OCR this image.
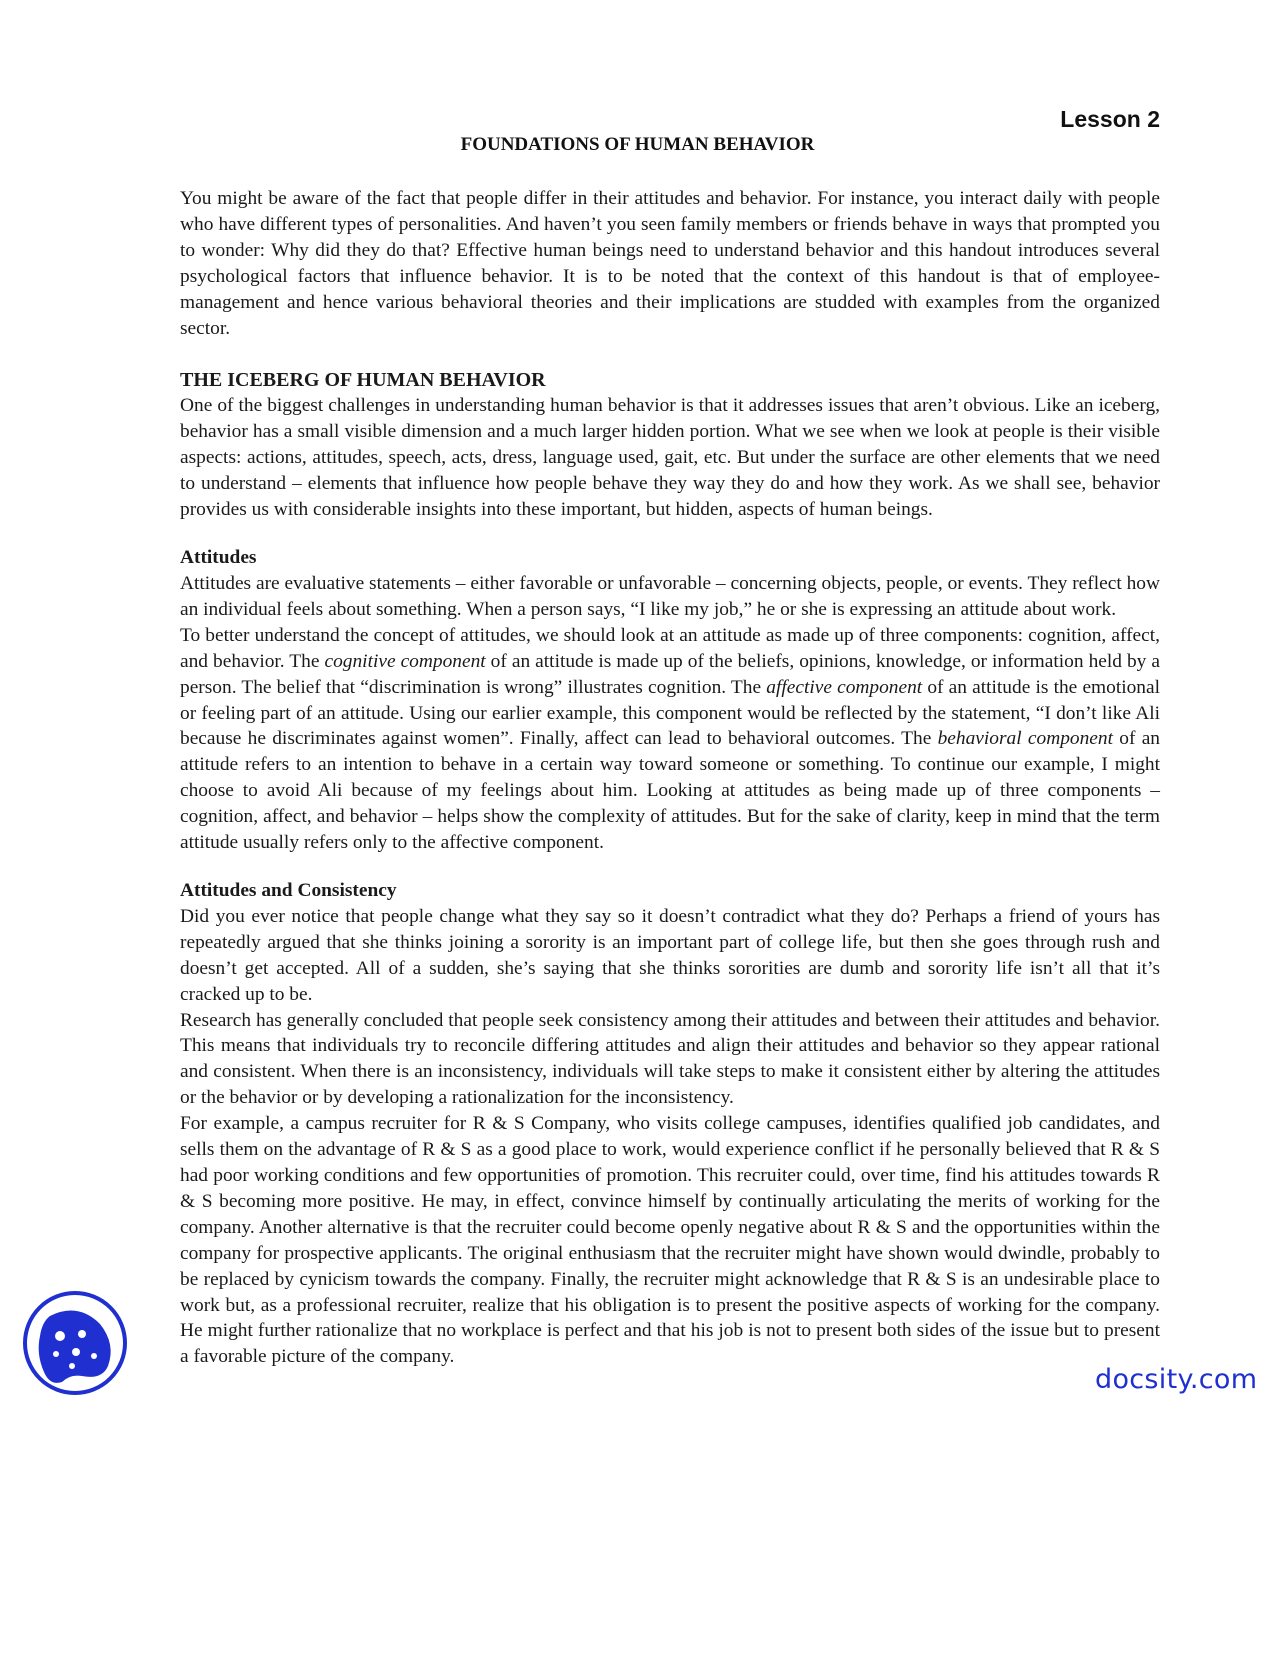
Lesson 2
FOUNDATIONS OF HUMAN BEHAVIOR

You might be aware of the fact that people differ in their attitudes and behavior. For instance, you interact daily with people who have different types of personalities. And haven’t you seen family members or friends behave in ways that prompted you to wonder: Why did they do that? Effective human beings need to understand behavior and this handout introduces several psychological factors that influence behavior. It is to be noted that the context of this handout is that of employee-management and hence various behavioral theories and their implications are studded with examples from the organized sector.

THE ICEBERG OF HUMAN BEHAVIOR

One of the biggest challenges in understanding human behavior is that it addresses issues that aren’t obvious. Like an iceberg, behavior has a small visible dimension and a much larger hidden portion. What we see when we look at people is their visible aspects: actions, attitudes, speech, acts, dress, language used, gait, etc. But under the surface are other elements that we need to understand – elements that influence how people behave they way they do and how they work. As we shall see, behavior provides us with considerable insights into these important, but hidden, aspects of human beings.

Attitudes

Attitudes are evaluative statements – either favorable or unfavorable – concerning objects, people, or events. They reflect how an individual feels about something. When a person says, “I like my job,” he or she is expressing an attitude about work.

To better understand the concept of attitudes, we should look at an attitude as made up of three components: cognition, affect, and behavior. The cognitive component of an attitude is made up of the beliefs, opinions, knowledge, or information held by a person. The belief that “discrimination is wrong” illustrates cognition. The affective component of an attitude is the emotional or feeling part of an attitude. Using our earlier example, this component would be reflected by the statement, “I don’t like Ali because he discriminates against women”. Finally, affect can lead to behavioral outcomes. The behavioral component of an attitude refers to an intention to behave in a certain way toward someone or something. To continue our example, I might choose to avoid Ali because of my feelings about him. Looking at attitudes as being made up of three components – cognition, affect, and behavior – helps show the complexity of attitudes. But for the sake of clarity, keep in mind that the term attitude usually refers only to the affective component.

Attitudes and Consistency

Did you ever notice that people change what they say so it doesn’t contradict what they do? Perhaps a friend of yours has repeatedly argued that she thinks joining a sorority is an important part of college life, but then she goes through rush and doesn’t get accepted. All of a sudden, she’s saying that she thinks sororities are dumb and sorority life isn’t all that it’s cracked up to be.

Research has generally concluded that people seek consistency among their attitudes and between their attitudes and behavior. This means that individuals try to reconcile differing attitudes and align their attitudes and behavior so they appear rational and consistent. When there is an inconsistency, individuals will take steps to make it consistent either by altering the attitudes or the behavior or by developing a rationalization for the inconsistency.

For example, a campus recruiter for R & S Company, who visits college campuses, identifies qualified job candidates, and sells them on the advantage of R & S as a good place to work, would experience conflict if he personally believed that R & S had poor working conditions and few opportunities of promotion. This recruiter could, over time, find his attitudes towards R & S becoming more positive. He may, in effect, convince himself by continually articulating the merits of working for the company. Another alternative is that the recruiter could become openly negative about R & S and the opportunities within the company for prospective applicants. The original enthusiasm that the recruiter might have shown would dwindle, probably to be replaced by cynicism towards the company. Finally, the recruiter might acknowledge that R & S is an undesirable place to work but, as a professional recruiter, realize that his obligation is to present the positive aspects of working for the company. He might further rationalize that no workplace is perfect and that his job is not to present both sides of the issue but to present a favorable picture of the company.

docsity.com
